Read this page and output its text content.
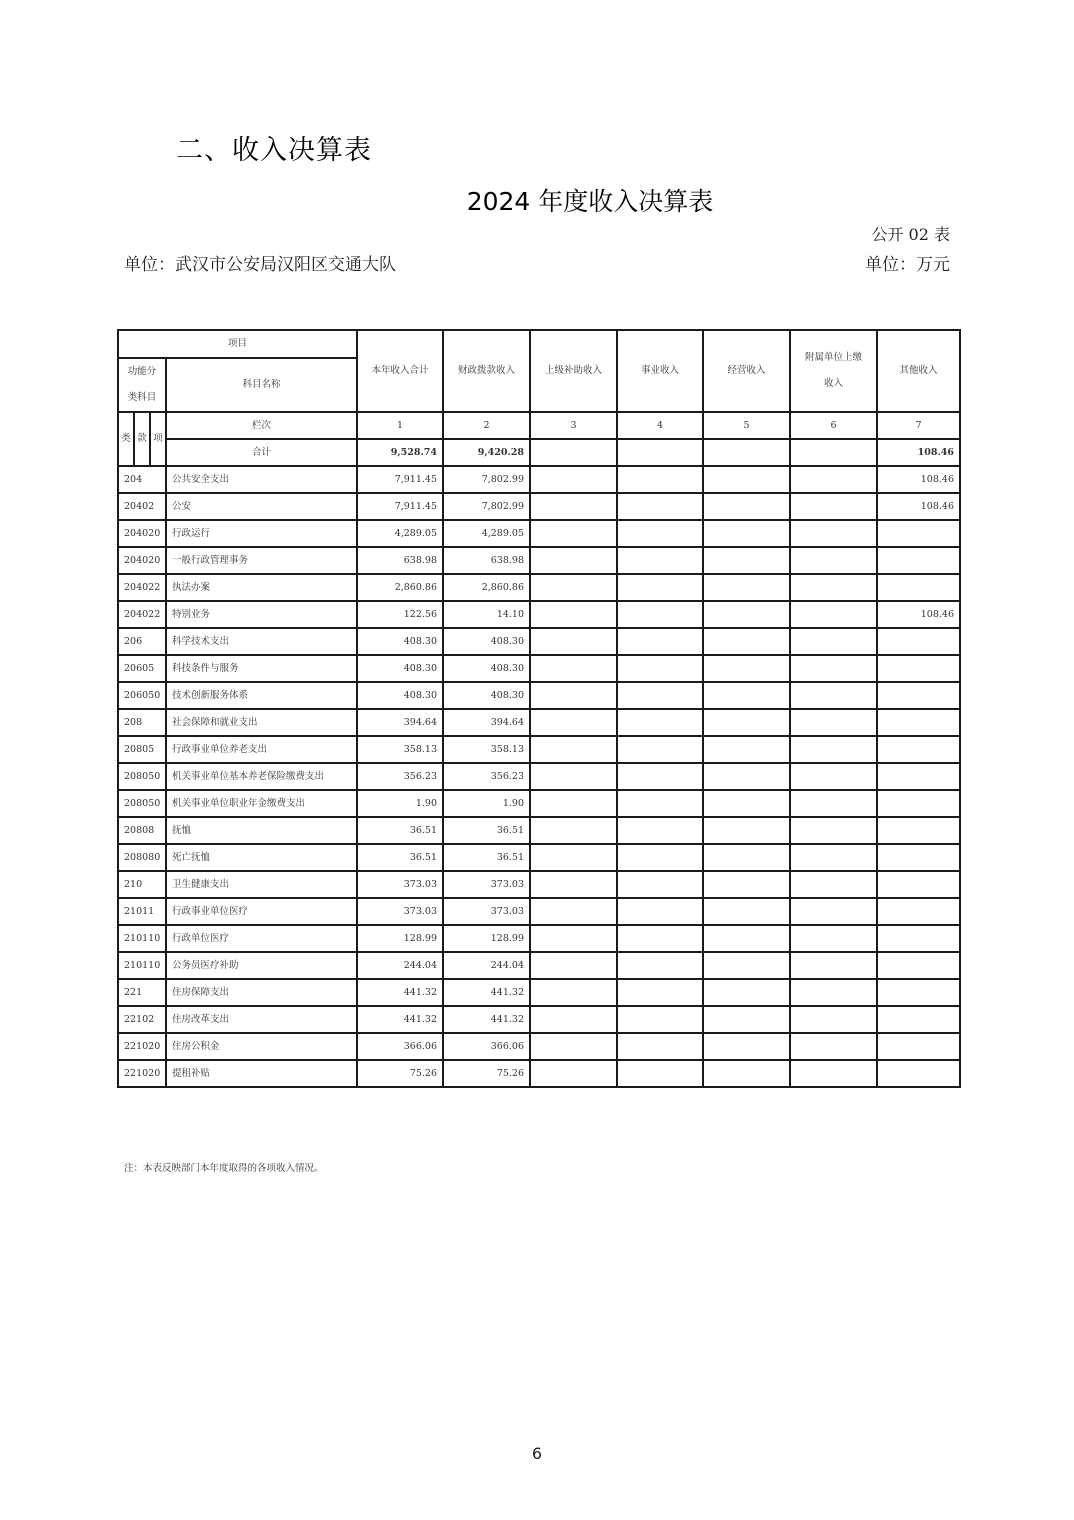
二、收入决算表
2024 年度收入决算表
公开 02 表
单位：武汉市公安局汉阳区交通大队	单位：万元
项目				本年收入合计	财政拨款收入	上级补助收入	事业收入	经营收入	附属单位上缴收入	其他收入
功能分类科目			科目名称							
类	款	项	栏次	1	2	3	4	5	6	7
			合计	9,528.74	9,420.28					108.46
204			公共安全支出	7,911.45	7,802.99					108.46
20402			公安	7,911.45	7,802.99					108.46
204020			行政运行	4,289.05	4,289.05					
204020			一般行政管理事务	638.98	638.98					
204022			执法办案	2,860.86	2,860.86					
204022			特别业务	122.56	14.10					108.46
206			科学技术支出	408.30	408.30					
20605			科技条件与服务	408.30	408.30					
206050			技术创新服务体系	408.30	408.30					
208			社会保障和就业支出	394.64	394.64					
20805			行政事业单位养老支出	358.13	358.13					
208050			机关事业单位基本养老保险缴费支出	356.23	356.23					
208050			机关事业单位职业年金缴费支出	1.90	1.90					
20808			抚恤	36.51	36.51					
208080			死亡抚恤	36.51	36.51					
210			卫生健康支出	373.03	373.03					
21011			行政事业单位医疗	373.03	373.03					
210110			行政单位医疗	128.99	128.99					
210110			公务员医疗补助	244.04	244.04					
221			住房保障支出	441.32	441.32					
22102			住房改革支出	441.32	441.32					
221020			住房公积金	366.06	366.06					
221020			提租补贴	75.26	75.26					
注：本表反映部门本年度取得的各项收入情况。
6
